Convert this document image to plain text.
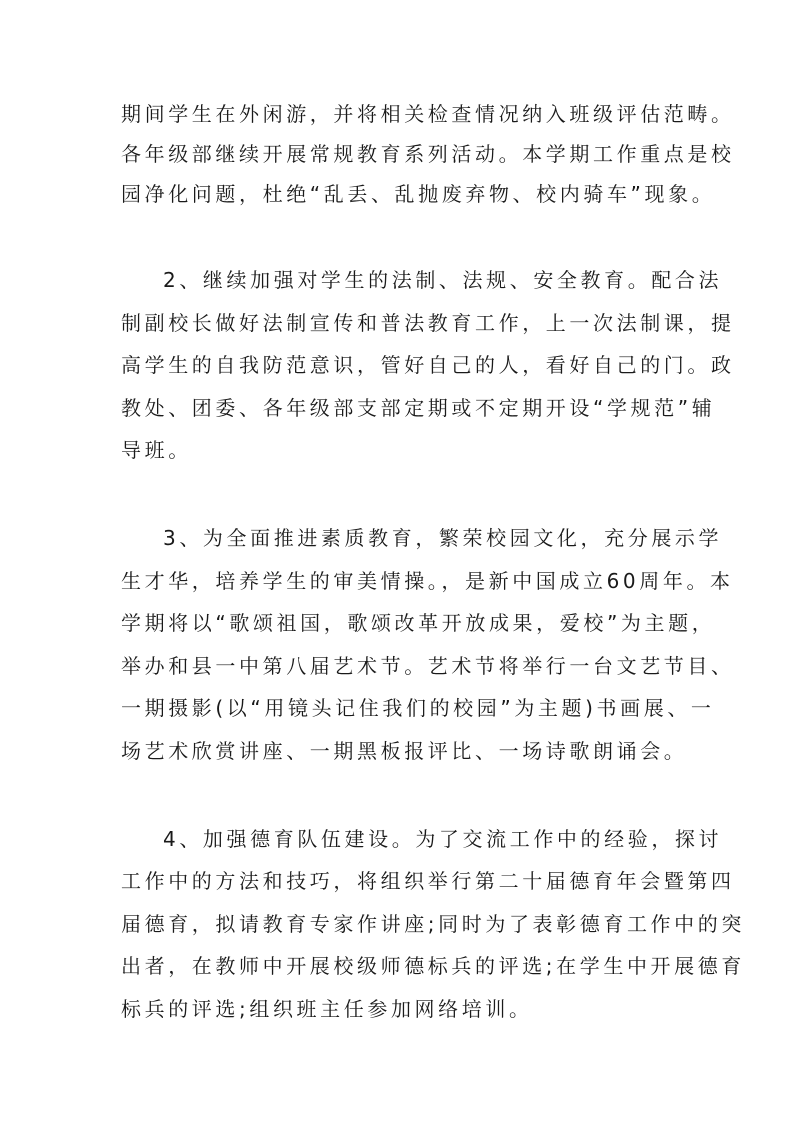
期间学生在外闲游，并将相关检查情况纳入班级评估范畴。
各年级部继续开展常规教育系列活动。本学期工作重点是校
园净化问题，杜绝“乱丢、乱抛废弃物、校内骑车”现象。

2、继续加强对学生的法制、法规、安全教育。配合法
制副校长做好法制宣传和普法教育工作，上一次法制课，提
高学生的自我防范意识，管好自己的人，看好自己的门。政
教处、团委、各年级部支部定期或不定期开设“学规范”辅
导班。

3、为全面推进素质教育，繁荣校园文化，充分展示学
生才华，培养学生的审美情操。，是新中国成立60周年。本
学期将以“歌颂祖国，歌颂改革开放成果，爱校”为主题，
举办和县一中第八届艺术节。艺术节将举行一台文艺节目、
一期摄影(以“用镜头记住我们的校园”为主题)书画展、一
场艺术欣赏讲座、一期黑板报评比、一场诗歌朗诵会。

4、加强德育队伍建设。为了交流工作中的经验，探讨
工作中的方法和技巧，将组织举行第二十届德育年会暨第四
届德育，拟请教育专家作讲座;同时为了表彰德育工作中的突
出者，在教师中开展校级师德标兵的评选;在学生中开展德育
标兵的评选;组织班主任参加网络培训。
